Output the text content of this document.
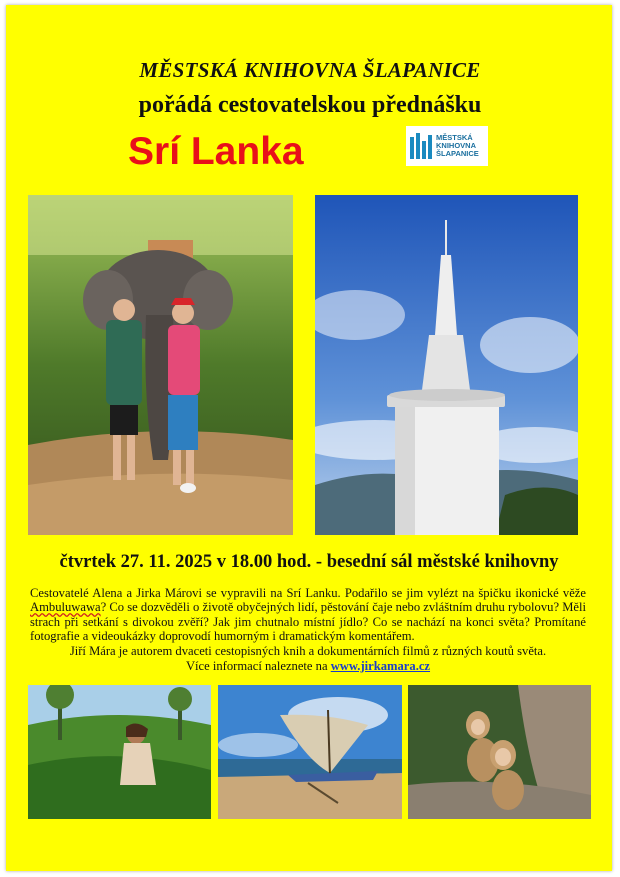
MĚSTSKÁ KNIHOVNA ŠLAPANICE
pořádá cestovatelskou přednášku
Srí Lanka	MĚSTSKÁ
KNIHOVNA
ŠLAPANICE
čtvrtek 27. 11. 2025 v 18.00 hod. - besední sál městské knihovny
Cestovatelé Alena a Jirka Márovi se vypravili na Srí Lanku. Podařilo se jim vylézt na špičku ikonické věže Ambuluwawa? Co se dozvěděli o životě obyčejných lidí, pěstování čaje nebo zvláštním druhu rybolovu? Měli strach při setkání s divokou zvěří? Jak jim chutnalo místní jídlo? Co se nachází na konci světa? Promítané fotografie a videoukázky doprovodí humorným i dramatickým komentářem.
Jiří Mára je autorem dvaceti cestopisných knih a dokumentárních filmů z různých koutů světa.
Více informací naleznete na www.jirkamara.cz
